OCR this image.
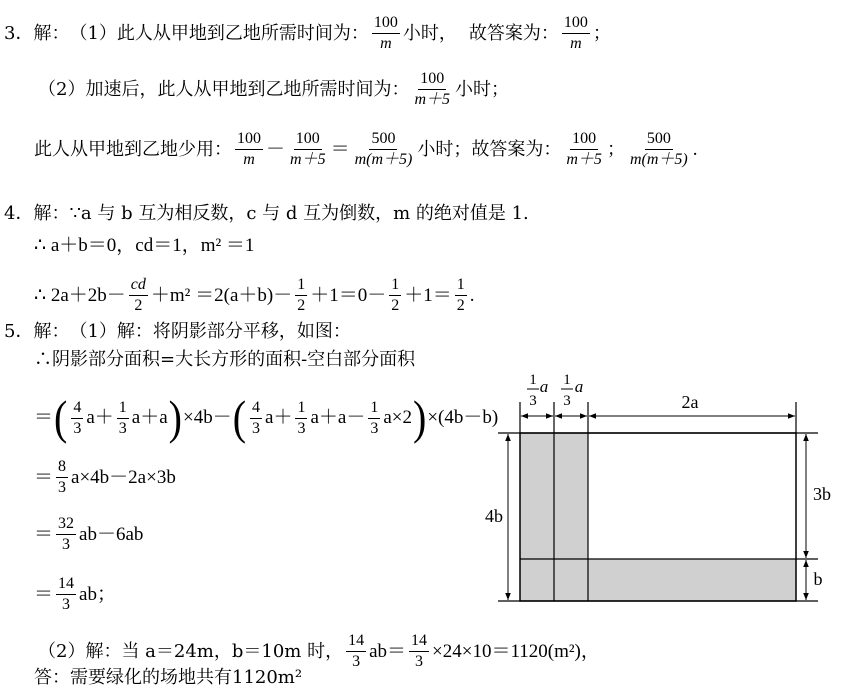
3．解： （1）此人从甲地到乙地所需时间为： $\frac{100}{m}$ 小时， 故答案为： $\frac{100}{m}$ ；
（2）加速后，此人从甲地到乙地所需时间为： $\frac{100}{m+5}$ 小时；
此人从甲地到乙地少用： $\frac{100}{m} - \frac{100}{m+5} = \frac{500}{m(m+5)}$ 小时；故答案为： $\frac{100}{m+5}$ ； $\frac{500}{m(m+5)}$ .
4．解： ∵a 与 b 互为相反数，c 与 d 互为倒数，m 的绝对值是 1.
∴ a＋b＝0，cd＝1，m² ＝1
∴ $2a+2b- \frac{cd}{2} +m^2 =2(a+b)- \frac{1}{2} +1=0- \frac{1}{2} +1= \frac{1}{2}$ .
5．解： （1）解：将阴影部分平移，如图：
∴阴影部分面积=大长方形的面积-空白部分面积
＝ ( $\frac{4}{3} a+ \frac{1}{3} a+a$ ) ×4b－ ( $\frac{4}{3} a+ \frac{1}{3} a+a- \frac{1}{3} a\times 2$ ) ×(4b－b)
＝ $\frac{8}{3} a\times 4b-2a\times 3b$
＝ $\frac{32}{3} ab-6ab$
＝ $\frac{14}{3}$ ab；
（2）解：当 a＝24m，b＝10m 时， $\frac{14}{3} ab= \frac{14}{3} \times 24\times 10=1120(m^2)$，
答：需要绿化的场地共有1120m²
1
3
a 1
3
a
2a
4b
3b
b
